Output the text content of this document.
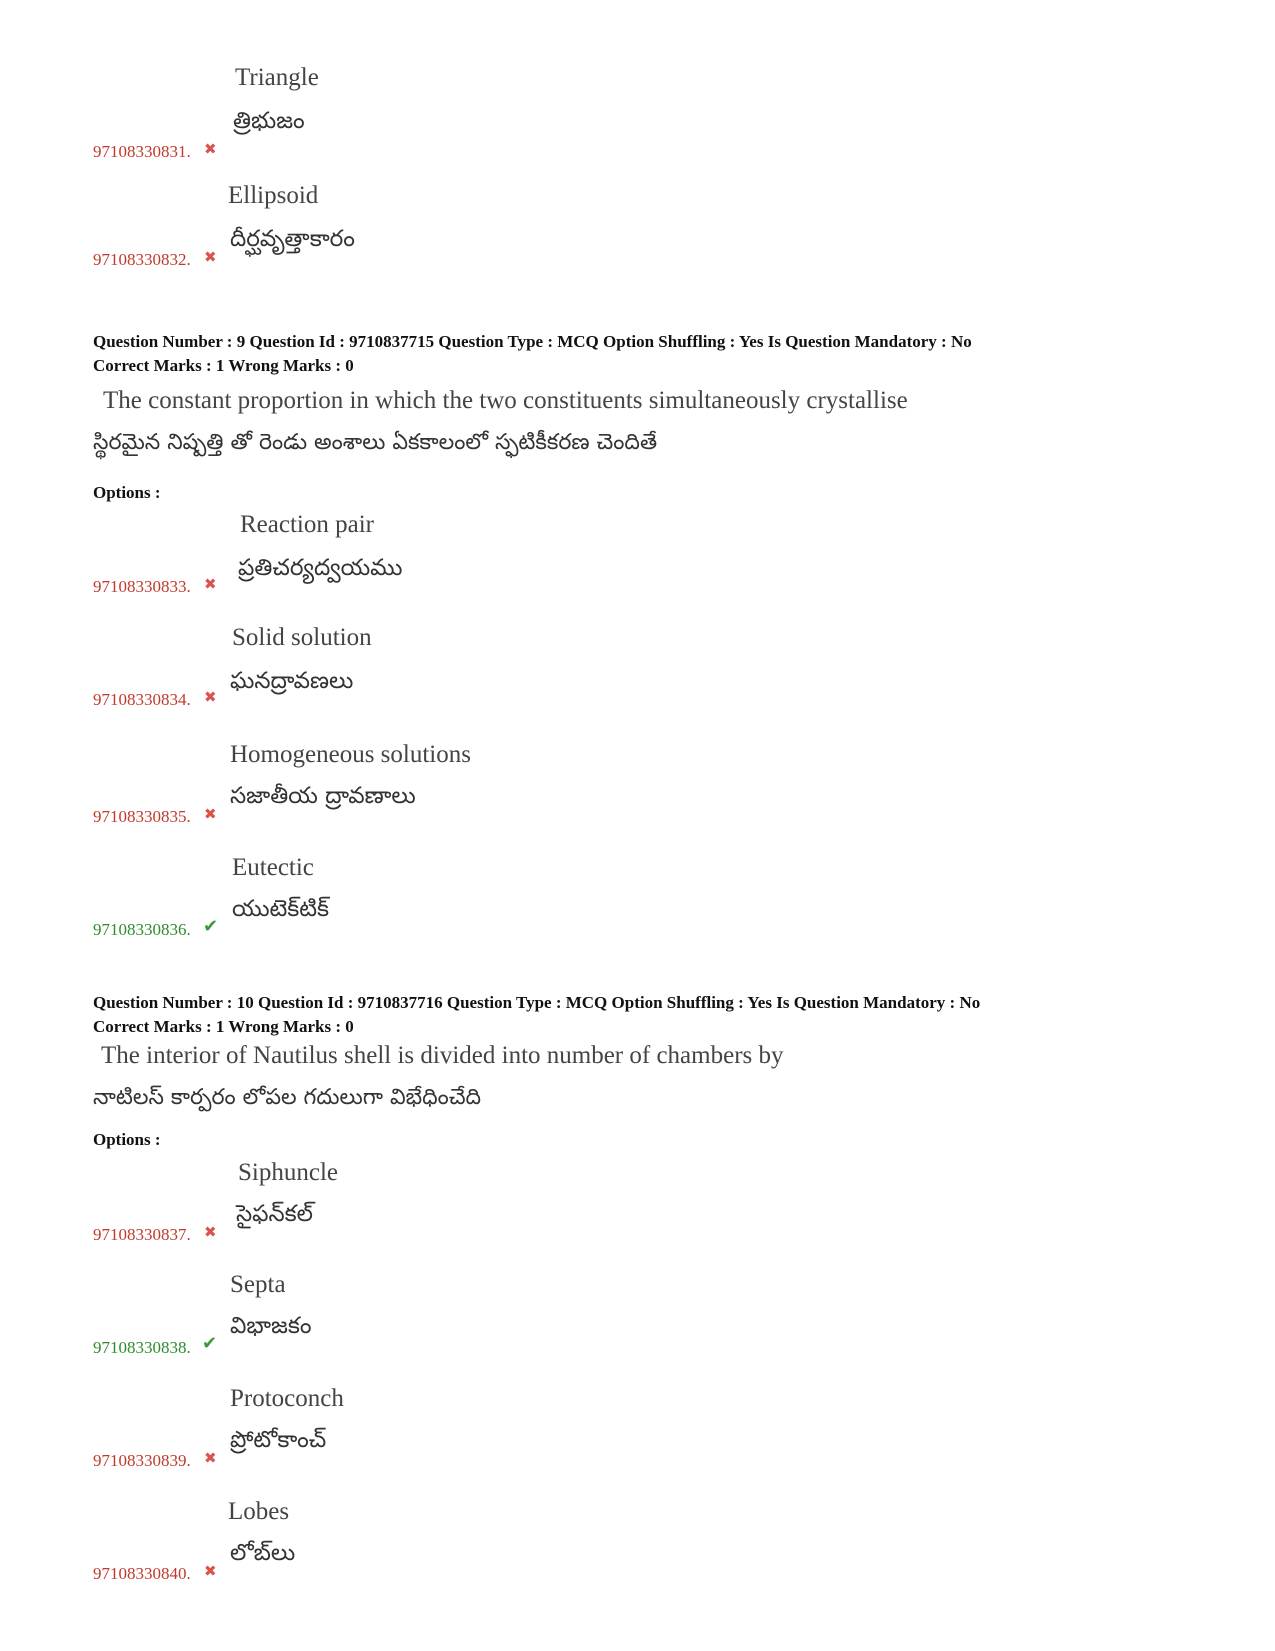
Triangle
త్రిభుజం
97108330831. ✖
Ellipsoid
దీర్ఘవృత్తాకారం
97108330832. ✖
Question Number : 9 Question Id : 9710837715 Question Type : MCQ Option Shuffling : Yes Is Question Mandatory : No
Correct Marks : 1 Wrong Marks : 0
The constant proportion in which the two constituents simultaneously crystallise
స్థిరమైన నిష్పత్తి తో రెండు అంశాలు ఏకకాలంలో స్ఫటికీకరణ చెందితే
Options :
Reaction pair
ప్రతిచర్యద్వయము
97108330833. ✖
Solid solution
ఘనద్రావణలు
97108330834. ✖
Homogeneous solutions
సజాతీయ ద్రావణాలు
97108330835. ✖
Eutectic
యుటెక్‌టిక్
97108330836. ✔
Question Number : 10 Question Id : 9710837716 Question Type : MCQ Option Shuffling : Yes Is Question Mandatory : No
Correct Marks : 1 Wrong Marks : 0
The interior of Nautilus shell is divided into number of chambers by
నాటిలస్ కార్పరం లోపల గదులుగా విభేధించేది
Options :
Siphuncle
సైఫన్‌కల్
97108330837. ✖
Septa
విభాజకం
97108330838. ✔
Protoconch
ప్రోటోకాంచ్
97108330839. ✖
Lobes
లోబ్‌లు
97108330840. ✖
